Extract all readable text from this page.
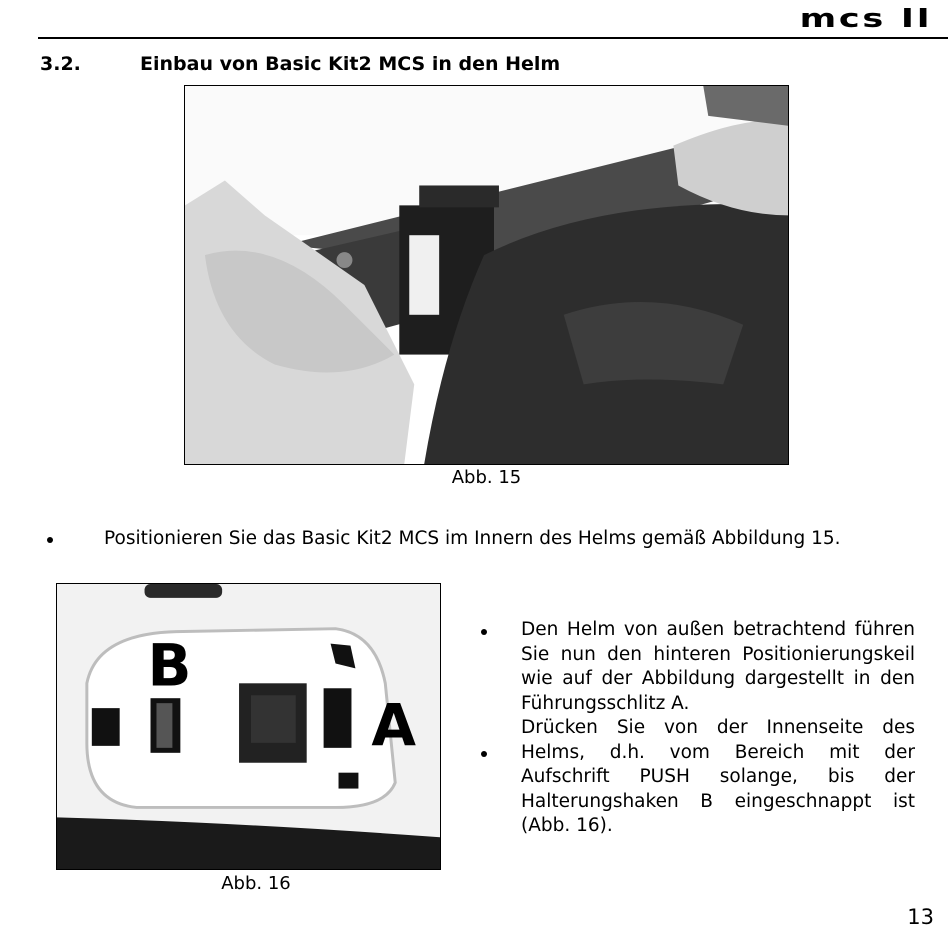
mcs II
3.2.	Einbau von Basic Kit2 MCS in den Helm
Abb. 15
Positionieren Sie das Basic Kit2 MCS im Innern des Helms gemäß Abbildung 15.
B
A
Abb. 16

Den Helm von außen betrachtend führen Sie nun den hinteren Positionierungskeil wie auf der Abbildung dargestellt in den Führungsschlitz A.

Drücken Sie von der Innenseite des Helms, d.h. vom Bereich mit der Aufschrift PUSH solange, bis der Halterungshaken B eingeschnappt ist (Abb. 16).

13
